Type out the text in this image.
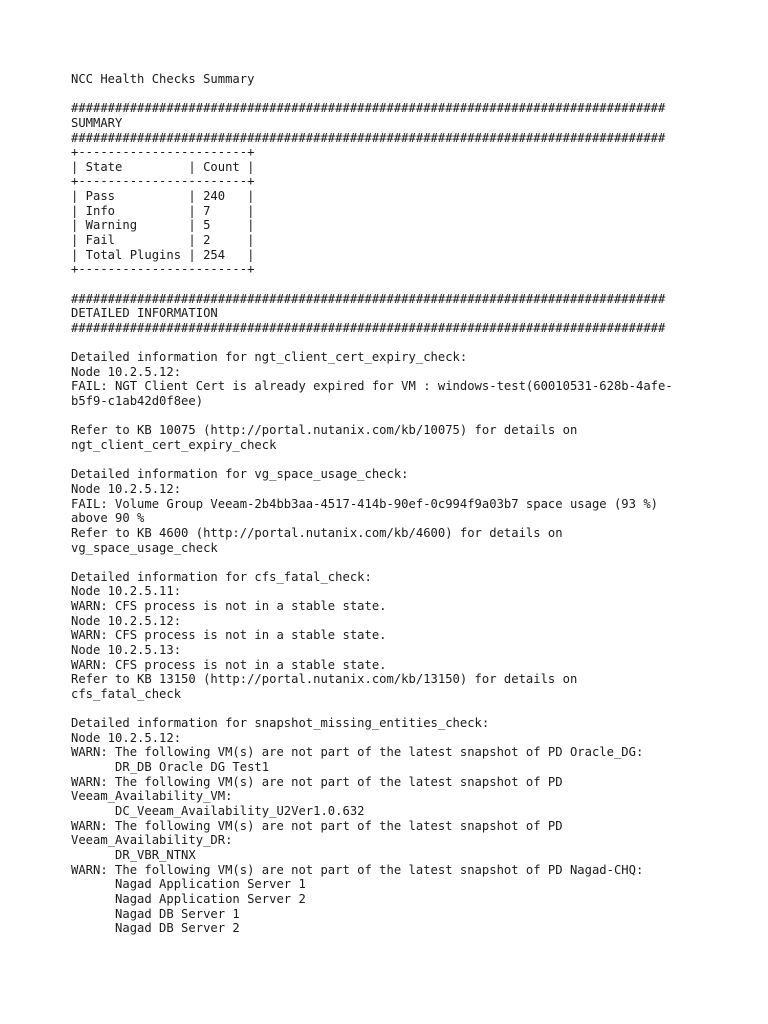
NCC Health Checks Summary
#################################################################################
SUMMARY
#################################################################################
+-----------------------+
| State         | Count |
+-----------------------+
| Pass          | 240   |
| Info          | 7     |
| Warning       | 5     |
| Fail          | 2     |
| Total Plugins | 254   |
+-----------------------+
#################################################################################
DETAILED INFORMATION
#################################################################################
Detailed information for ngt_client_cert_expiry_check:
Node 10.2.5.12:
FAIL: NGT Client Cert is already expired for VM : windows-test(60010531-628b-4afe-
b5f9-c1ab42d0f8ee)
Refer to KB 10075 (http://portal.nutanix.com/kb/10075) for details on
ngt_client_cert_expiry_check
Detailed information for vg_space_usage_check:
Node 10.2.5.12:
FAIL: Volume Group Veeam-2b4bb3aa-4517-414b-90ef-0c994f9a03b7 space usage (93 %)
above 90 %
Refer to KB 4600 (http://portal.nutanix.com/kb/4600) for details on
vg_space_usage_check
Detailed information for cfs_fatal_check:
Node 10.2.5.11:
WARN: CFS process is not in a stable state.
Node 10.2.5.12:
WARN: CFS process is not in a stable state.
Node 10.2.5.13:
WARN: CFS process is not in a stable state.
Refer to KB 13150 (http://portal.nutanix.com/kb/13150) for details on
cfs_fatal_check
Detailed information for snapshot_missing_entities_check:
Node 10.2.5.12:
WARN: The following VM(s) are not part of the latest snapshot of PD Oracle_DG:
DR_DB Oracle DG Test1
WARN: The following VM(s) are not part of the latest snapshot of PD
Veeam_Availability_VM:
DC_Veeam_Availability_U2Ver1.0.632
WARN: The following VM(s) are not part of the latest snapshot of PD
Veeam_Availability_DR:
DR_VBR_NTNX
WARN: The following VM(s) are not part of the latest snapshot of PD Nagad-CHQ:
Nagad Application Server 1
Nagad Application Server 2
Nagad DB Server 1
Nagad DB Server 2
